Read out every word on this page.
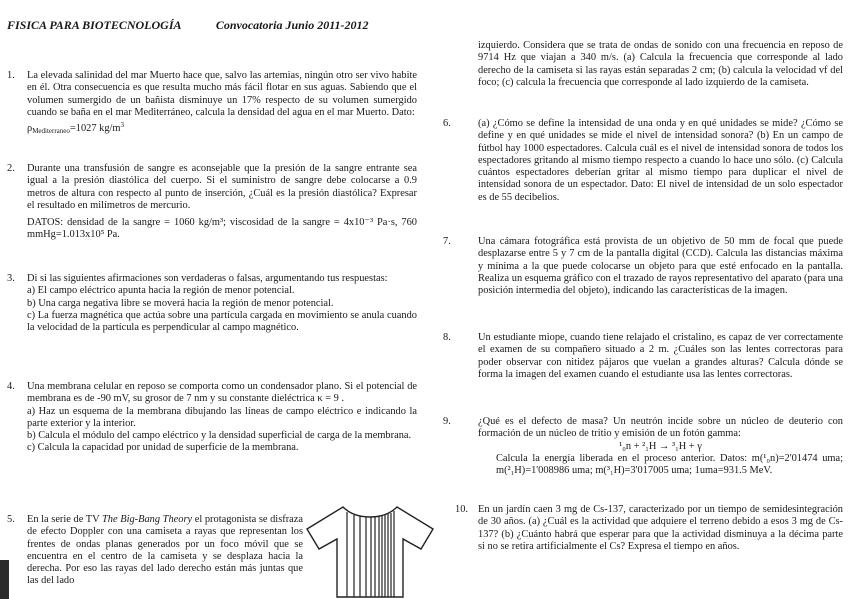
FISICA PARA BIOTECNOLOGÍA	Convocatoria Junio 2011-2012
1. La elevada salinidad del mar Muerto hace que, salvo las artemias, ningún otro ser vivo habite en él. Otra consecuencia es que resulta mucho más fácil flotar en sus aguas. Sabiendo que el volumen sumergido de un bañista disminuye un 17% respecto de su volumen sumergido cuando se baña en el mar Mediterráneo, calcula la densidad del agua en el mar Muerto. Dato:
$\rho_{Mediterraneo}=1027$ $kg/m^3$
2. Durante una transfusión de sangre es aconsejable que la presión de la sangre entrante sea igual a la presión diastólica del cuerpo. Si el suministro de sangre debe colocarse a 0.9 metros de altura con respecto al punto de inserción, ¿Cuál es la presión diastólica? Expresar el resultado en milímetros de mercurio.

DATOS: densidad de la sangre = 1060 kg/m³; viscosidad de la sangre = 4x10⁻³ Pa·s, 760 mmHg=1.013x10⁵ Pa.

3. Di si las siguientes afirmaciones son verdaderas o falsas, argumentando tus respuestas:

a) El campo eléctrico apunta hacia la región de menor potencial.

b) Una carga negativa libre se moverá hacia la región de menor potencial.

c) La fuerza magnética que actúa sobre una partícula cargada en movimiento se anula cuando la velocidad de la partícula es perpendicular al campo magnético.

4. Una membrana celular en reposo se comporta como un condensador plano. Si el potencial de membrana es de -90 mV, su grosor de 7 nm y su constante dieléctrica κ = 9 .

a) Haz un esquema de la membrana dibujando las líneas de campo eléctrico e indicando la parte exterior y la interior.

b) Calcula el módulo del campo eléctrico y la densidad superficial de carga de la membrana.

c) Calcula la capacidad por unidad de superficie de la membrana.

5. En la serie de TV The Big-Bang Theory el protagonista se disfraza de efecto Doppler con una camiseta a rayas que representan los frentes de ondas planas generados por un foco móvil que se encuentra en el centro de la camiseta y se desplaza hacia la derecha. Por eso las rayas del lado derecho están más juntas que las del lado
izquierdo. Considera que se trata de ondas de sonido con una frecuencia en reposo de 9714 Hz que viajan a 340 m/s. (a) Calcula la frecuencia que corresponde al lado derecho de la camiseta si las rayas están separadas 2 cm; (b) calcula la velocidad vf del foco; (c) calcula la frecuencia que corresponde al lado izquierdo de la camiseta.
6.	(a) ¿Cómo se define la intensidad de una onda y en qué unidades se mide? ¿Cómo se define y en qué unidades se mide el nivel de intensidad sonora? (b) En un campo de fútbol hay 1000 espectadores. Calcula cuál es el nivel de intensidad sonora de todos los espectadores gritando al mismo tiempo respecto a cuando lo hace uno sólo. (c) Calcula cuántos espectadores deberían gritar al mismo tiempo para duplicar el nivel de intensidad sonora de un espectador. Dato: El nivel de intensidad de un solo espectador es de 55 decibelios.
7.	Una cámara fotográfica está provista de un objetivo de 50 mm de focal que puede desplazarse entre 5 y 7 cm de la pantalla digital (CCD). Calcula las distancias máxima y mínima a la que puede colocarse un objeto para que esté enfocado en la pantalla. Realiza un esquema gráfico con el trazado de rayos representativo del aparato (para una posición intermedia del objeto), indicando las características de la imagen.
8.	Un estudiante miope, cuando tiene relajado el cristalino, es capaz de ver correctamente el examen de su compañero situado a 2 m. ¿Cuáles son las lentes correctoras para poder observar con nitidez pájaros que vuelan a grandes alturas? Calcula dónde se forma la imagen del examen cuando el estudiante usa las lentes correctoras.
9.	¿Qué es el defecto de masa? Un neutrón incide sobre un núcleo de deuterio con formación de un núcleo de tritio y emisión de un fotón gamma:

¹₀n + ²₁H → ³₁H + γ

Calcula la energía liberada en el proceso anterior. Datos: m(¹₀n)=2'01474 uma; m(²₁H)=1'008986 uma; m(³₁H)=3'017005 uma; 1uma=931.5 MeV.

10. En un jardín caen 3 mg de Cs-137, caracterizado por un tiempo de semidesintegración de 30 años. (a) ¿Cuál es la actividad que adquiere el terreno debido a esos 3 mg de Cs-137? (b) ¿Cuánto habrá que esperar para que la actividad disminuya a la décima parte si no se retira artificialmente el Cs? Expresa el tiempo en años.
